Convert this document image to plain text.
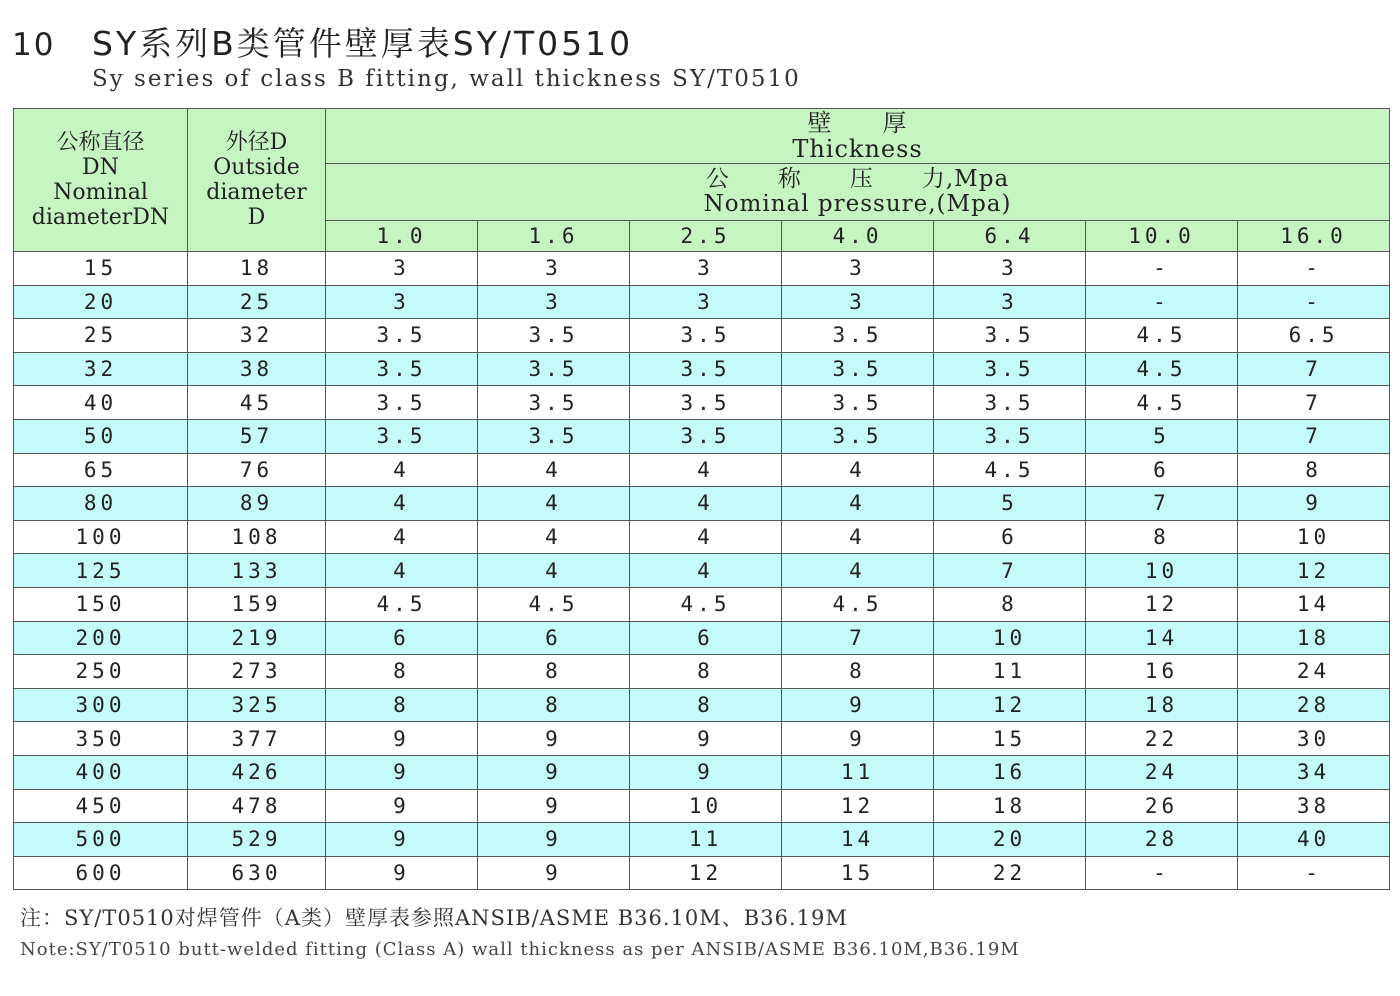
10	SY系列B类管件壁厚表SY/T0510
Sy series of class B fitting, wall thickness SY/T0510
公称直径
DN
Nominal
diameterDN	外径D
Outside
diameter
D	壁　　厚
Thickness						

		公　　称　　压　　力,Mpa
Nominal pressure,(Mpa)						

		1.0	1.6	2.5	4.0	6.4	10.0	16.0
15	18	3	3	3	3	3	-	-
20	25	3	3	3	3	3	-	-
25	32	3.5	3.5	3.5	3.5	3.5	4.5	6.5
32	38	3.5	3.5	3.5	3.5	3.5	4.5	7
40	45	3.5	3.5	3.5	3.5	3.5	4.5	7
50	57	3.5	3.5	3.5	3.5	3.5	5	7
65	76	4	4	4	4	4.5	6	8
80	89	4	4	4	4	5	7	9
100	108	4	4	4	4	6	8	10
125	133	4	4	4	4	7	10	12
150	159	4.5	4.5	4.5	4.5	8	12	14
200	219	6	6	6	7	10	14	18
250	273	8	8	8	8	11	16	24
300	325	8	8	8	9	12	18	28
350	377	9	9	9	9	15	22	30
400	426	9	9	9	11	16	24	34
450	478	9	9	10	12	18	26	38
500	529	9	9	11	14	20	28	40
600	630	9	9	12	15	22	-	-
注：SY/T0510对焊管件（A类）壁厚表参照ANSIB/ASME B36.10M、B36.19M
Note:SY/T0510 butt-welded fitting (Class A) wall thickness as per ANSIB/ASME B36.10M,B36.19M
